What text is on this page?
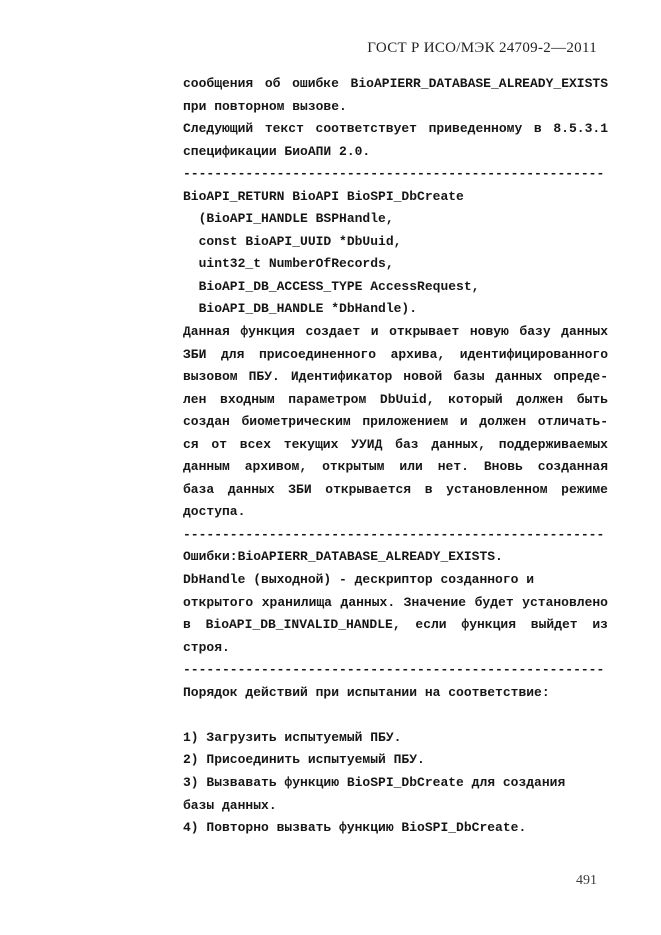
ГОСТ Р ИСО/МЭК 24709-2—2011
сообщения об ошибке BioAPIERR_DATABASE_ALREADY_EXISTS
при повторном вызове.
Следующий текст соответствует приведенному в 8.5.3.1
спецификации БиоАПИ 2.0.
------------------------------------------------------
BioAPI_RETURN BioAPI BioSPI_DbCreate
(BioAPI_HANDLE BSPHandle,
const BioAPI_UUID *DbUuid,
uint32_t NumberOfRecords,
BioAPI_DB_ACCESS_TYPE AccessRequest,
BioAPI_DB_HANDLE *DbHandle).
Данная функция создает и открывает новую базу данных
ЗБИ для присоединенного архива, идентифицированного
вызовом ПБУ. Идентификатор новой базы данных опреде-
лен входным параметром DbUuid, который должен быть
создан биометрическим приложением и должен отличать-
ся от всех текущих УУИД баз данных, поддерживаемых
данным архивом, открытым или нет. Вновь созданная
база данных ЗБИ открывается в установленном режиме
доступа.
------------------------------------------------------
Ошибки:BioAPIERR_DATABASE_ALREADY_EXISTS.
DbHandle (выходной) - дескриптор созданного и
открытого хранилища данных. Значение будет установлено
в BioAPI_DB_INVALID_HANDLE, если функция выйдет из
строя.
------------------------------------------------------
Порядок действий при испытании на соответствие:
1) Загрузить испытуемый ПБУ.
2) Присоединить испытуемый ПБУ.
3) Вызвавать функцию BioSPI_DbCreate для создания
базы данных.
4) Повторно вызвать функцию BioSPI_DbCreate.
491
